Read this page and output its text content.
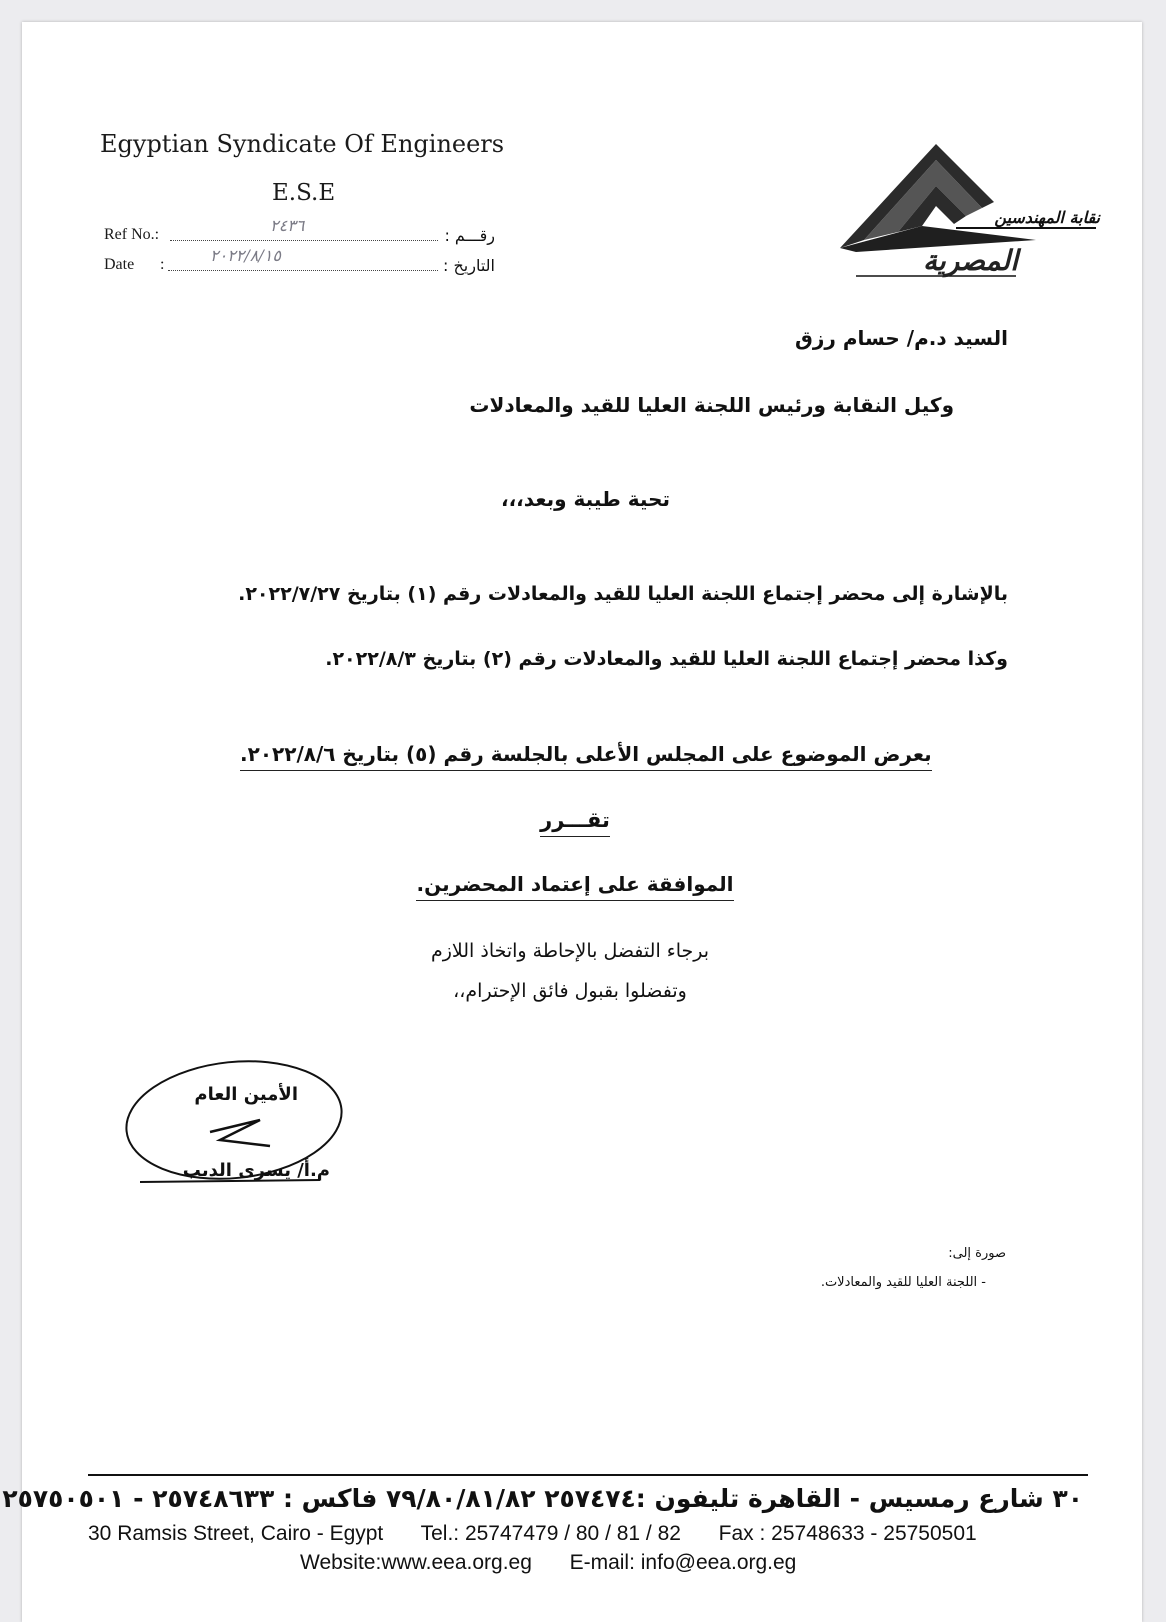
Egyptian Syndicate Of Engineers
E.S.E
Ref No.:	٢٤٣٦
رقـــم :
Date :	٢٠٢٢/٨/١٥
التاريخ :
نقابة المهندسين
المصرية
السيد د.م/ حسام رزق
وكيل النقابة ورئيس اللجنة العليا للقيد والمعادلات
تحية طيبة وبعد،،،
بالإشارة إلى محضر إجتماع اللجنة العليا للقيد والمعادلات رقم (١) بتاريخ ٢٠٢٢/٧/٢٧.
وكذا محضر إجتماع اللجنة العليا للقيد والمعادلات رقم (٢) بتاريخ ٢٠٢٢/٨/٣.
بعرض الموضوع على المجلس الأعلى بالجلسة رقم (٥) بتاريخ ٢٠٢٢/٨/٦.
تقـــرر
الموافقة على إعتماد المحضرين.
برجاء التفضل بالإحاطة واتخاذ اللازم
وتفضلوا بقبول فائق الإحترام،،
الأمين العام
م.أ/ يسرى الديب
صورة إلى:
- اللجنة العليا للقيد والمعادلات.
٣٠ شارع رمسيس - القاهرة تليفون :٢٥٧٤٧٤ ٧٩/٨٠/٨١/٨٢ فاكس : ٢٥٧٤٨٦٣٣ - ٢٥٧٥٠٥٠١
30 Ramsis Street, Cairo - Egypt Tel.: 25747479 / 80 / 81 / 82 Fax : 25748633 - 25750501
Website:www.eea.org.eg E-mail: info@eea.org.eg
